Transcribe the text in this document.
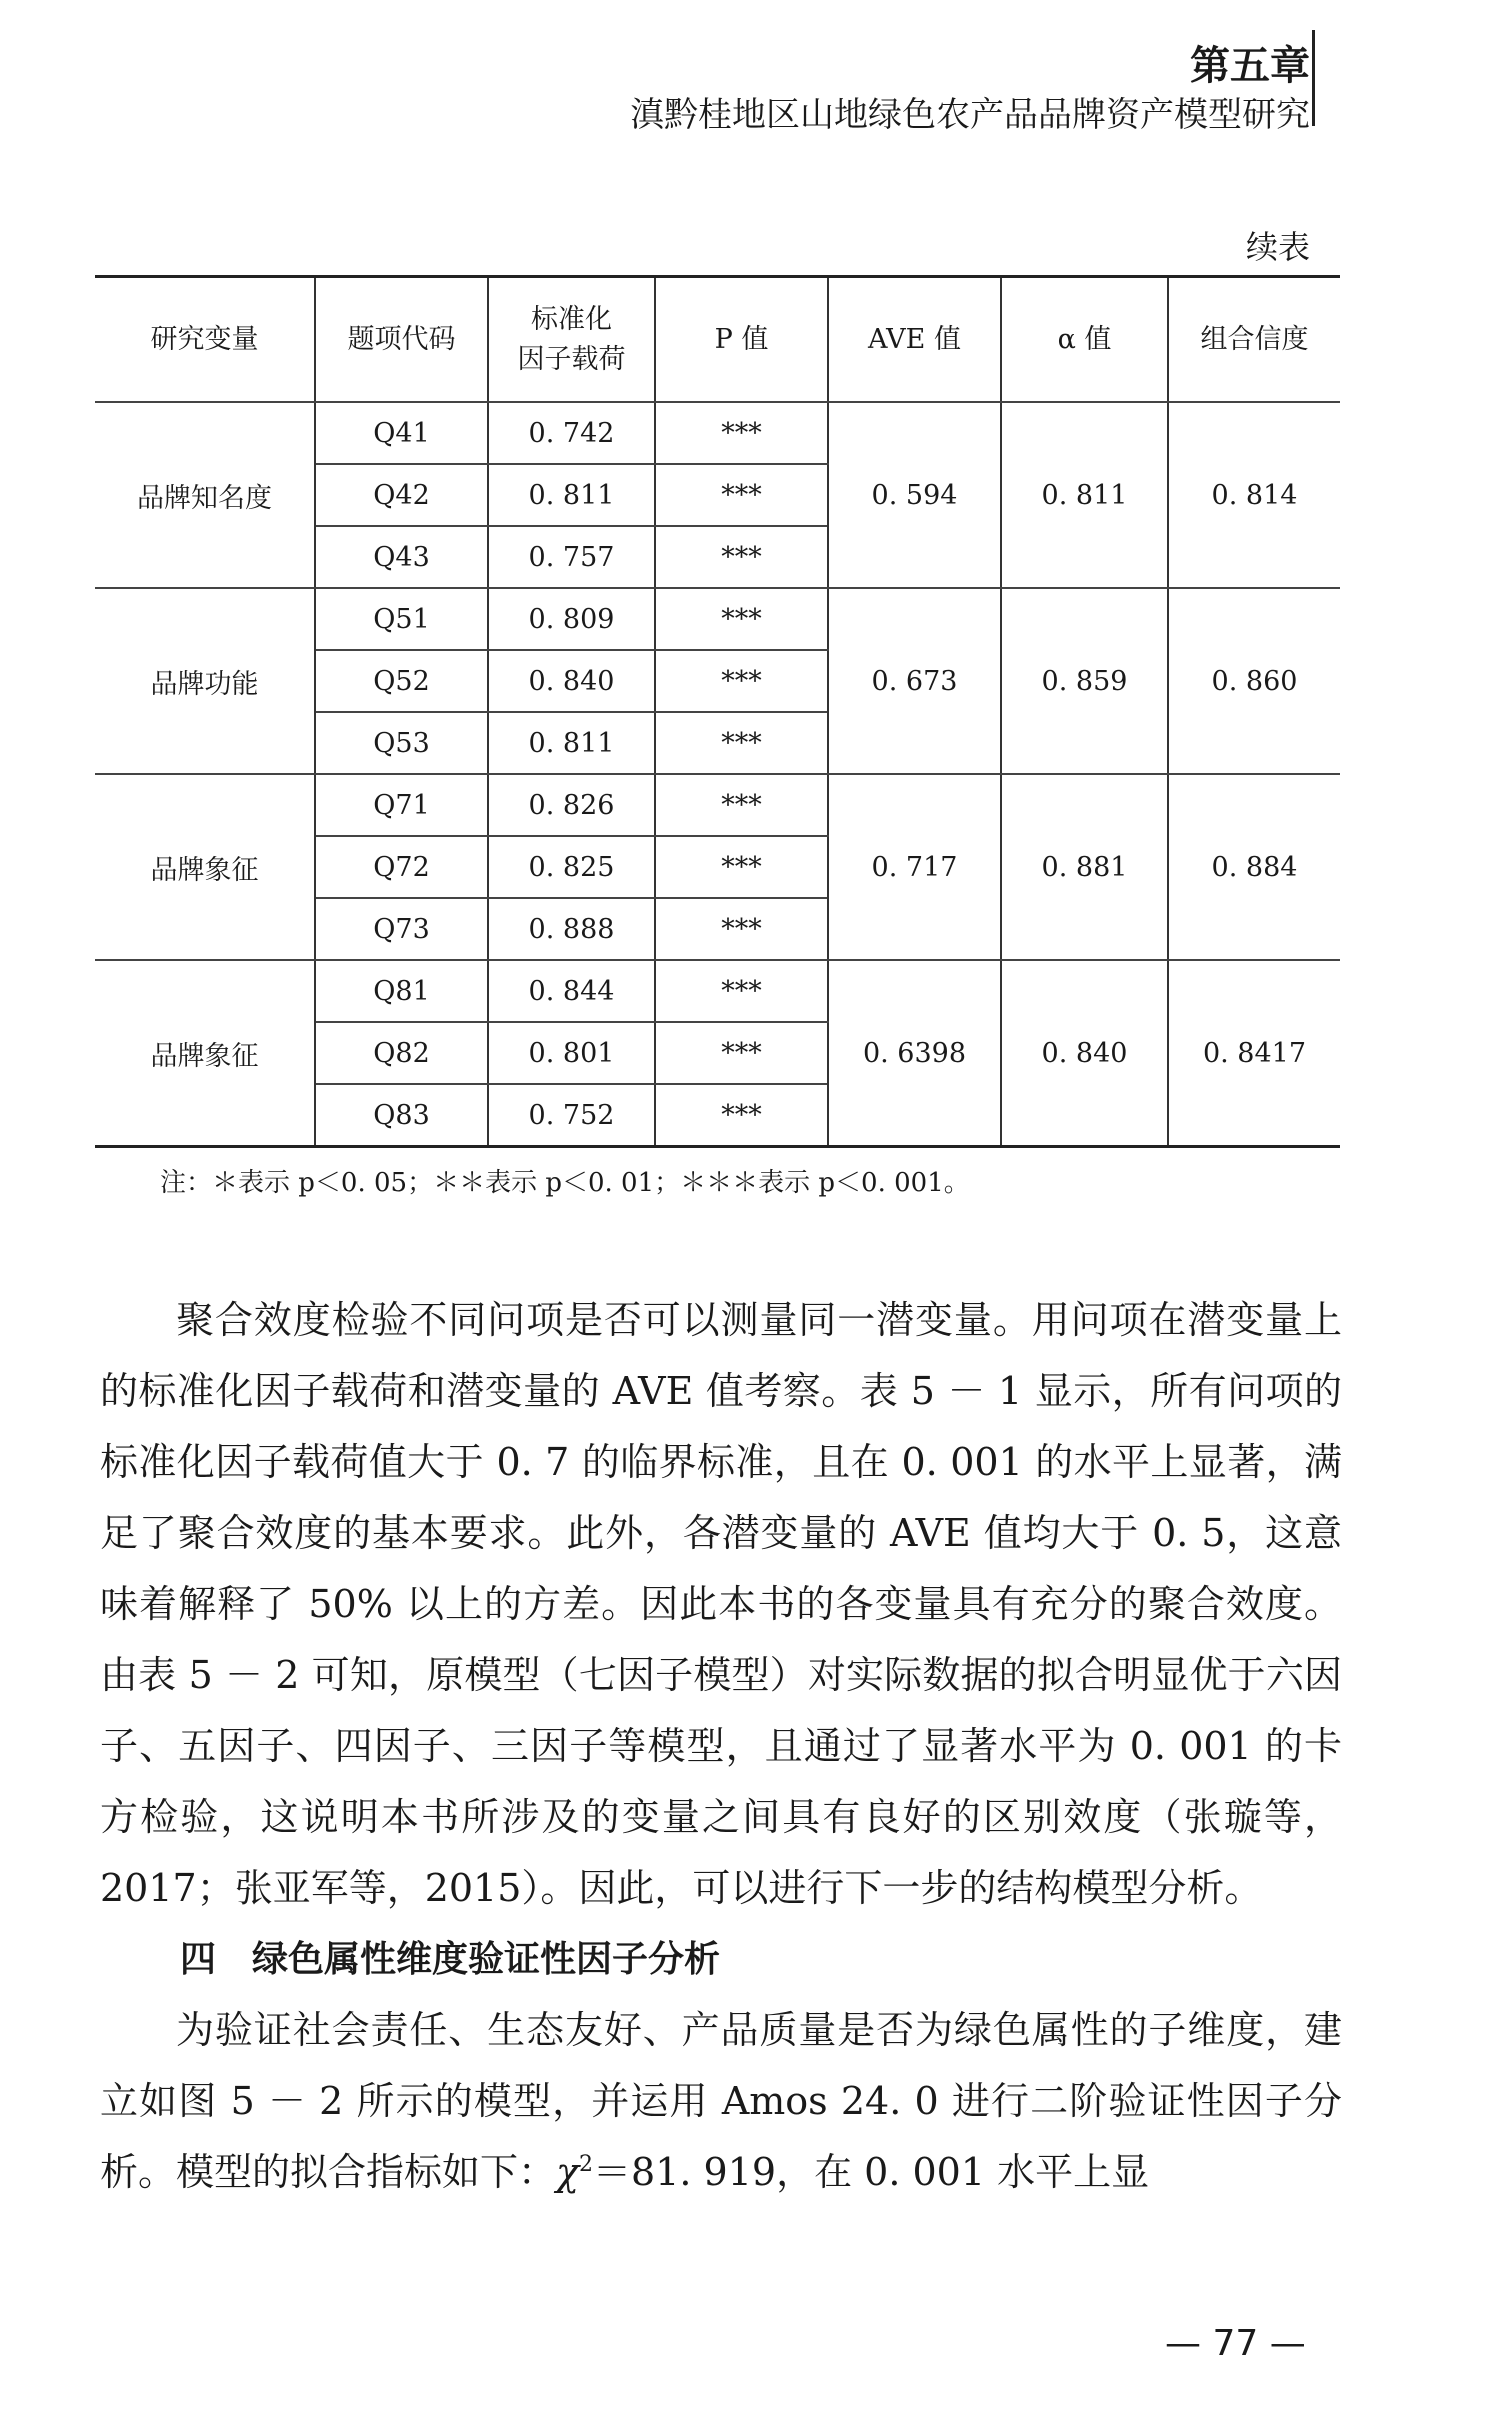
第五章
滇黔桂地区山地绿色农产品品牌资产模型研究
续表
研究变量	题项代码	标准化
因子载荷	P 值	AVE 值	α 值	组合信度
品牌知名度	Q41	0. 742	***	0. 594	0. 811	0. 814
	Q42	0. 811	***			
	Q43	0. 757	***			
品牌功能	Q51	0. 809	***	0. 673	0. 859	0. 860
	Q52	0. 840	***			
	Q53	0. 811	***			
品牌象征	Q71	0. 826	***	0. 717	0. 881	0. 884
	Q72	0. 825	***			
	Q73	0. 888	***			
品牌象征	Q81	0. 844	***	0. 6398	0. 840	0. 8417
	Q82	0. 801	***			
	Q83	0. 752	***			
注：＊表示 p＜0. 05；＊＊表示 p＜0. 01；＊＊＊表示 p＜0. 001。

聚合效度检验不同问项是否可以测量同一潜变量。用问项在潜变量上的标准化因子载荷和潜变量的 AVE 值考察。表 5 － 1 显示，所有问项的标准化因子载荷值大于 0. 7 的临界标准，且在 0. 001 的水平上显著，满足了聚合效度的基本要求。此外，各潜变量的 AVE 值均大于 0. 5，这意味着解释了 50% 以上的方差。因此本书的各变量具有充分的聚合效度。由表 5 － 2 可知，原模型（七因子模型）对实际数据的拟合明显优于六因子、五因子、四因子、三因子等模型，且通过了显著水平为 0. 001 的卡方检验，这说明本书所涉及的变量之间具有良好的区别效度（张璇等，2017；张亚军等，2015）。因此，可以进行下一步的结构模型分析。

四　绿色属性维度验证性因子分析

为验证社会责任、生态友好、产品质量是否为绿色属性的子维度，建立如图 5 － 2 所示的模型，并运用 Amos 24. 0 进行二阶验证性因子分析。模型的拟合指标如下：$\chi^2=81$. 919，在 0. 001 水平上显

— 77 —
